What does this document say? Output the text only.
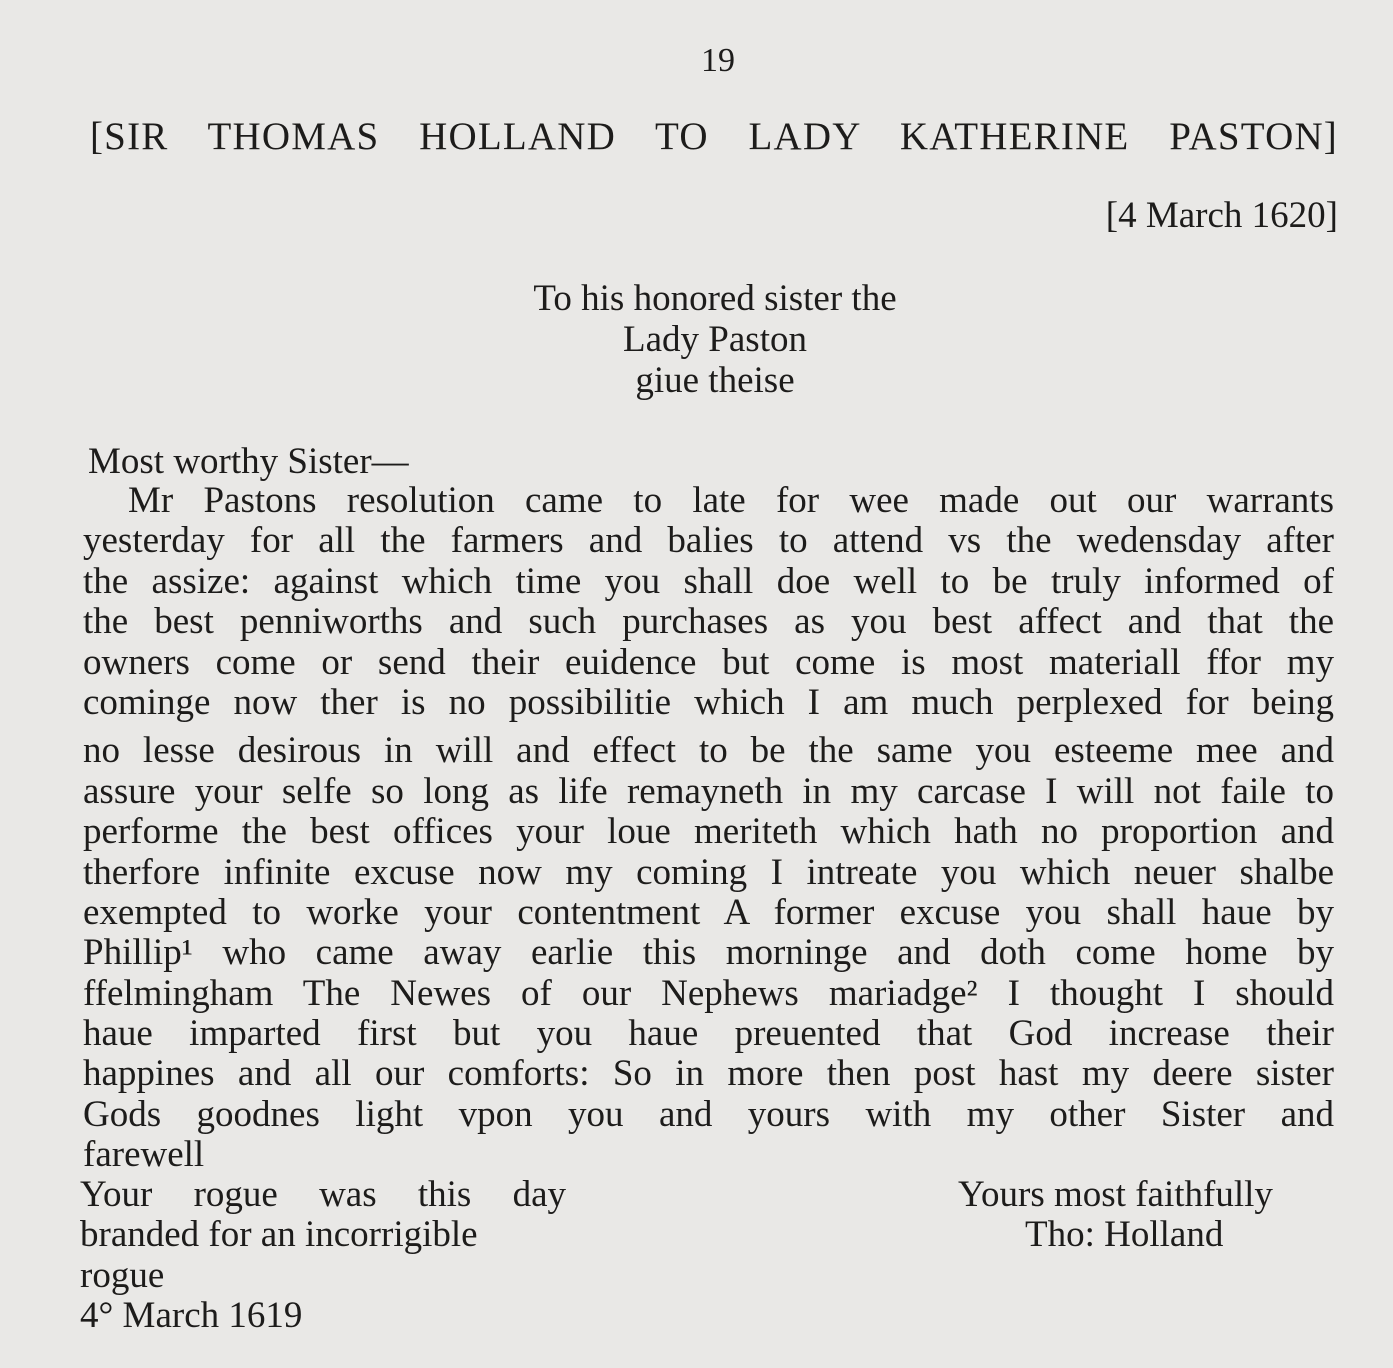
19
[SIR THOMAS HOLLAND TO LADY KATHERINE PASTON]
[4 March 1620]
To his honored sister the
Lady Paston
giue theise
Most worthy Sister—
Mr Pastons resolution came to late for wee made out our warrants
yesterday for all the farmers and balies to attend vs the wedensday after
the assize: against which time you shall doe well to be truly informed of
the best penniworths and such purchases as you best affect and that the
owners come or send their euidence but come is most materiall ffor my
cominge now ther is no possibilitie which I am much perplexed for being
no lesse desirous in will and effect to be the same you esteeme mee and
assure your selfe so long as life remayneth in my carcase I will not faile to
performe the best offices your loue meriteth which hath no proportion and
therfore infinite excuse now my coming I intreate you which neuer shalbe
exempted to worke your contentment A former excuse you shall haue by
Phillip¹ who came away earlie this morninge and doth come home by
ffelmingham The Newes of our Nephews mariadge² I thought I should
haue imparted first but you haue preuented that God increase their
happines and all our comforts: So in more then post hast my deere sister
Gods goodnes light vpon you and yours with my other Sister and
farewell
Your rogue was this day
branded for an incorrigible
rogue
4° March 1619
Yours most faithfully
Tho: Holland
